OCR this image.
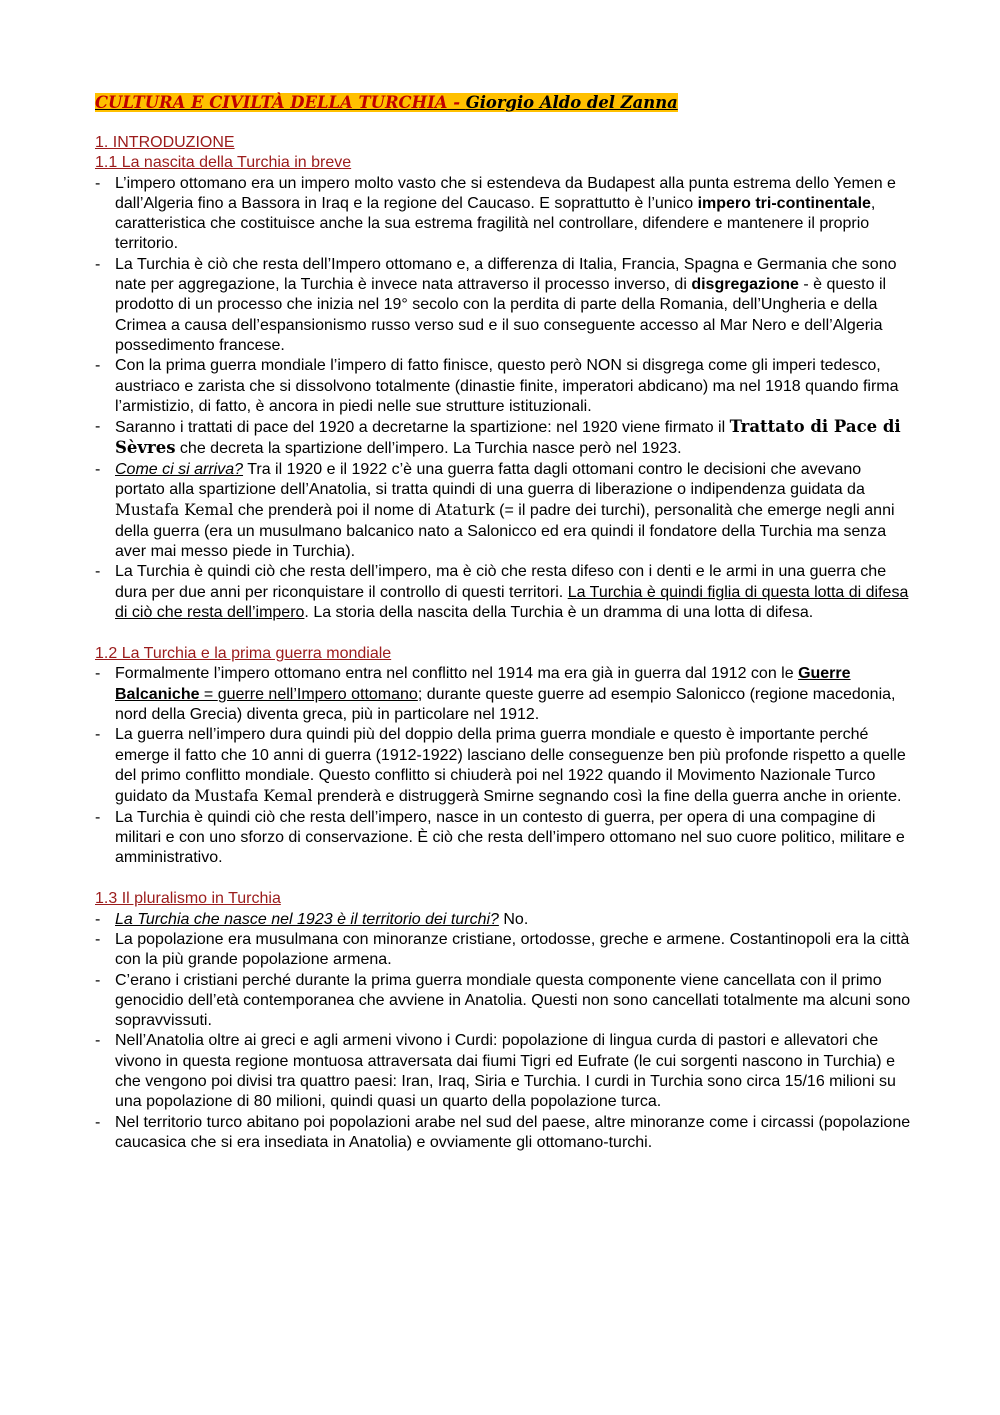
CULTURA E CIVILTÀ DELLA TURCHIA - Giorgio Aldo del Zanna
1. INTRODUZIONE
1.1 La nascita della Turchia in breve
- L’impero ottomano era un impero molto vasto che si estendeva da Budapest alla punta estrema dello Yemen e dall’Algeria fino a Bassora in Iraq e la regione del Caucaso. E soprattutto è l’unico impero tri-continentale, caratteristica che costituisce anche la sua estrema fragilità nel controllare, difendere e mantenere il proprio territorio.
- La Turchia è ciò che resta dell’Impero ottomano e, a differenza di Italia, Francia, Spagna e Germania che sono nate per aggregazione, la Turchia è invece nata attraverso il processo inverso, di disgregazione - è questo il prodotto di un processo che inizia nel 19° secolo con la perdita di parte della Romania, dell’Ungheria e della Crimea a causa dell’espansionismo russo verso sud e il suo conseguente accesso al Mar Nero e dell’Algeria possedimento francese.
- Con la prima guerra mondiale l’impero di fatto finisce, questo però NON si disgrega come gli imperi tedesco, austriaco e zarista che si dissolvono totalmente (dinastie finite, imperatori abdicano) ma nel 1918 quando firma l’armistizio, di fatto, è ancora in piedi nelle sue strutture istituzionali.
- Saranno i trattati di pace del 1920 a decretarne la spartizione: nel 1920 viene firmato il Trattato di Pace di Sèvres che decreta la spartizione dell’impero. La Turchia nasce però nel 1923.
- Come ci si arriva? Tra il 1920 e il 1922 c’è una guerra fatta dagli ottomani contro le decisioni che avevano portato alla spartizione dell’Anatolia, si tratta quindi di una guerra di liberazione o indipendenza guidata da Mustafa Kemal che prenderà poi il nome di Ataturk (= il padre dei turchi), personalità che emerge negli anni della guerra (era un musulmano balcanico nato a Salonicco ed era quindi il fondatore della Turchia ma senza aver mai messo piede in Turchia).
- La Turchia è quindi ciò che resta dell’impero, ma è ciò che resta difeso con i denti e le armi in una guerra che dura per due anni per riconquistare il controllo di questi territori. La Turchia è quindi figlia di questa lotta di difesa di ciò che resta dell’impero. La storia della nascita della Turchia è un dramma di una lotta di difesa.
1.2 La Turchia e la prima guerra mondiale
- Formalmente l’impero ottomano entra nel conflitto nel 1914 ma era già in guerra dal 1912 con le Guerre Balcaniche = guerre nell’Impero ottomano; durante queste guerre ad esempio Salonicco (regione macedonia, nord della Grecia) diventa greca, più in particolare nel 1912.
- La guerra nell’impero dura quindi più del doppio della prima guerra mondiale e questo è importante perché emerge il fatto che 10 anni di guerra (1912-1922) lasciano delle conseguenze ben più profonde rispetto a quelle del primo conflitto mondiale. Questo conflitto si chiuderà poi nel 1922 quando il Movimento Nazionale Turco guidato da Mustafa Kemal prenderà e distruggerà Smirne segnando così la fine della guerra anche in oriente.
- La Turchia è quindi ciò che resta dell’impero, nasce in un contesto di guerra, per opera di una compagine di militari e con uno sforzo di conservazione. È ciò che resta dell’impero ottomano nel suo cuore politico, militare e amministrativo.
1.3 Il pluralismo in Turchia
- La Turchia che nasce nel 1923 è il territorio dei turchi? No.
- La popolazione era musulmana con minoranze cristiane, ortodosse, greche e armene. Costantinopoli era la città con la più grande popolazione armena.
- C’erano i cristiani perché durante la prima guerra mondiale questa componente viene cancellata con il primo genocidio dell’età contemporanea che avviene in Anatolia. Questi non sono cancellati totalmente ma alcuni sono sopravvissuti.
- Nell’Anatolia oltre ai greci e agli armeni vivono i Curdi: popolazione di lingua curda di pastori e allevatori che vivono in questa regione montuosa attraversata dai fiumi Tigri ed Eufrate (le cui sorgenti nascono in Turchia) e che vengono poi divisi tra quattro paesi: Iran, Iraq, Siria e Turchia. I curdi in Turchia sono circa 15/16 milioni su una popolazione di 80 milioni, quindi quasi un quarto della popolazione turca.
- Nel territorio turco abitano poi popolazioni arabe nel sud del paese, altre minoranze come i circassi (popolazione caucasica che si era insediata in Anatolia) e ovviamente gli ottomano-turchi.
